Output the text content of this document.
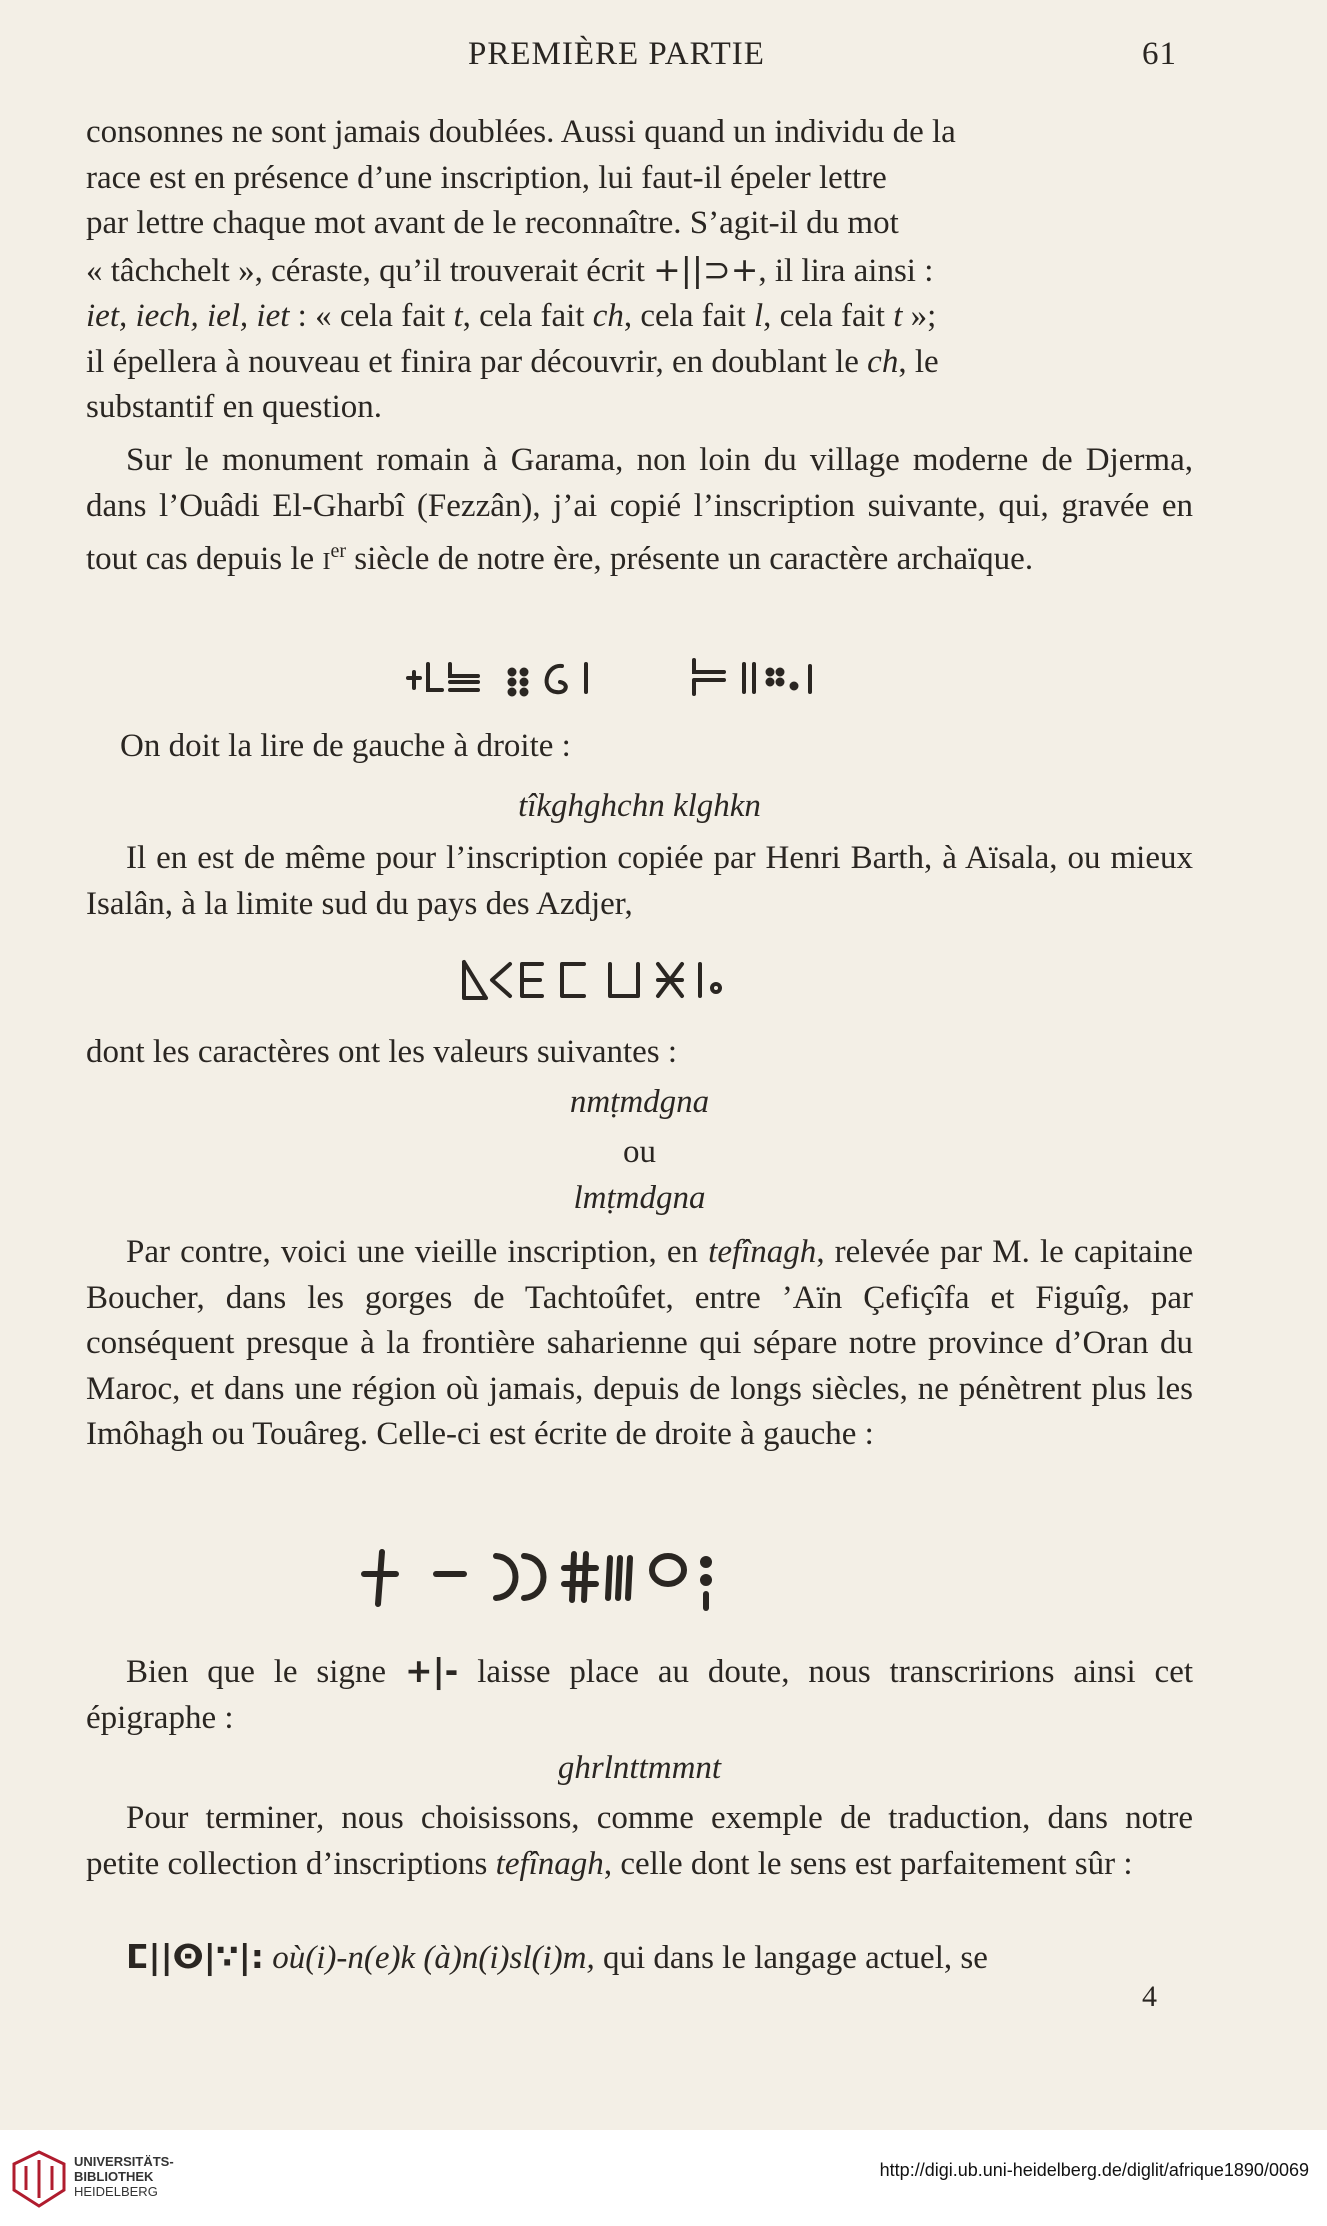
PREMIÈRE PARTIE	61

consonnes ne sont jamais doublées. Aussi quand un individu de la

race est en présence d’une inscription, lui faut-il épeler lettre

par lettre chaque mot avant de le reconnaître. S’agit-il du mot

« tâchchelt », céraste, qu’il trouverait écrit +||⊃+, il lira ainsi :

iet, iech, iel, iet : « cela fait t, cela fait ch, cela fait l, cela fait t »;

il épellera à nouveau et finira par découvrir, en doublant le ch, le

substantif en question.

Sur le monument romain à Garama, non loin du village moderne de Djerma, dans l’Ouâdi El-Gharbî (Fezzân), j’ai copié l’inscription suivante, qui, gravée en tout cas depuis le Ier siècle de notre ère, présente un caractère archaïque.

On doit la lire de gauche à droite :

tîkghghchn klghkn

Il en est de même pour l’inscription copiée par Henri Barth, à Aïsala, ou mieux Isalân, à la limite sud du pays des Azdjer,

dont les caractères ont les valeurs suivantes :

nmṭmdgna
ou
lmṭmdgna

Par contre, voici une vieille inscription, en tefînagh, relevée par M. le capitaine Boucher, dans les gorges de Tachtoûfet, entre ’Aïn Çefiçîfa et Figuîg, par conséquent presque à la frontière saharienne qui sépare notre province d’Oran du Maroc, et dans une région où jamais, depuis de longs siècles, ne pénètrent plus les Imôhagh ou Touâreg. Celle-ci est écrite de droite à gauche :

Bien que le signe +|- laisse place au doute, nous transcririons ainsi cet épigraphe :

ghrlnttmmnt

Pour terminer, nous choisissons, comme exemple de traduction, dans notre petite collection d’inscriptions tefînagh, celle dont le sens est parfaitement sûr :

ⵎ||ⵙ|∵|: où(i)-n(e)k (à)n(i)sl(i)m, qui dans le langage actuel, se

4
UNIVERSITÄTS-
BIBLIOTHEK
HEIDELBERG
http://digi.ub.uni-heidelberg.de/diglit/afrique1890/0069
